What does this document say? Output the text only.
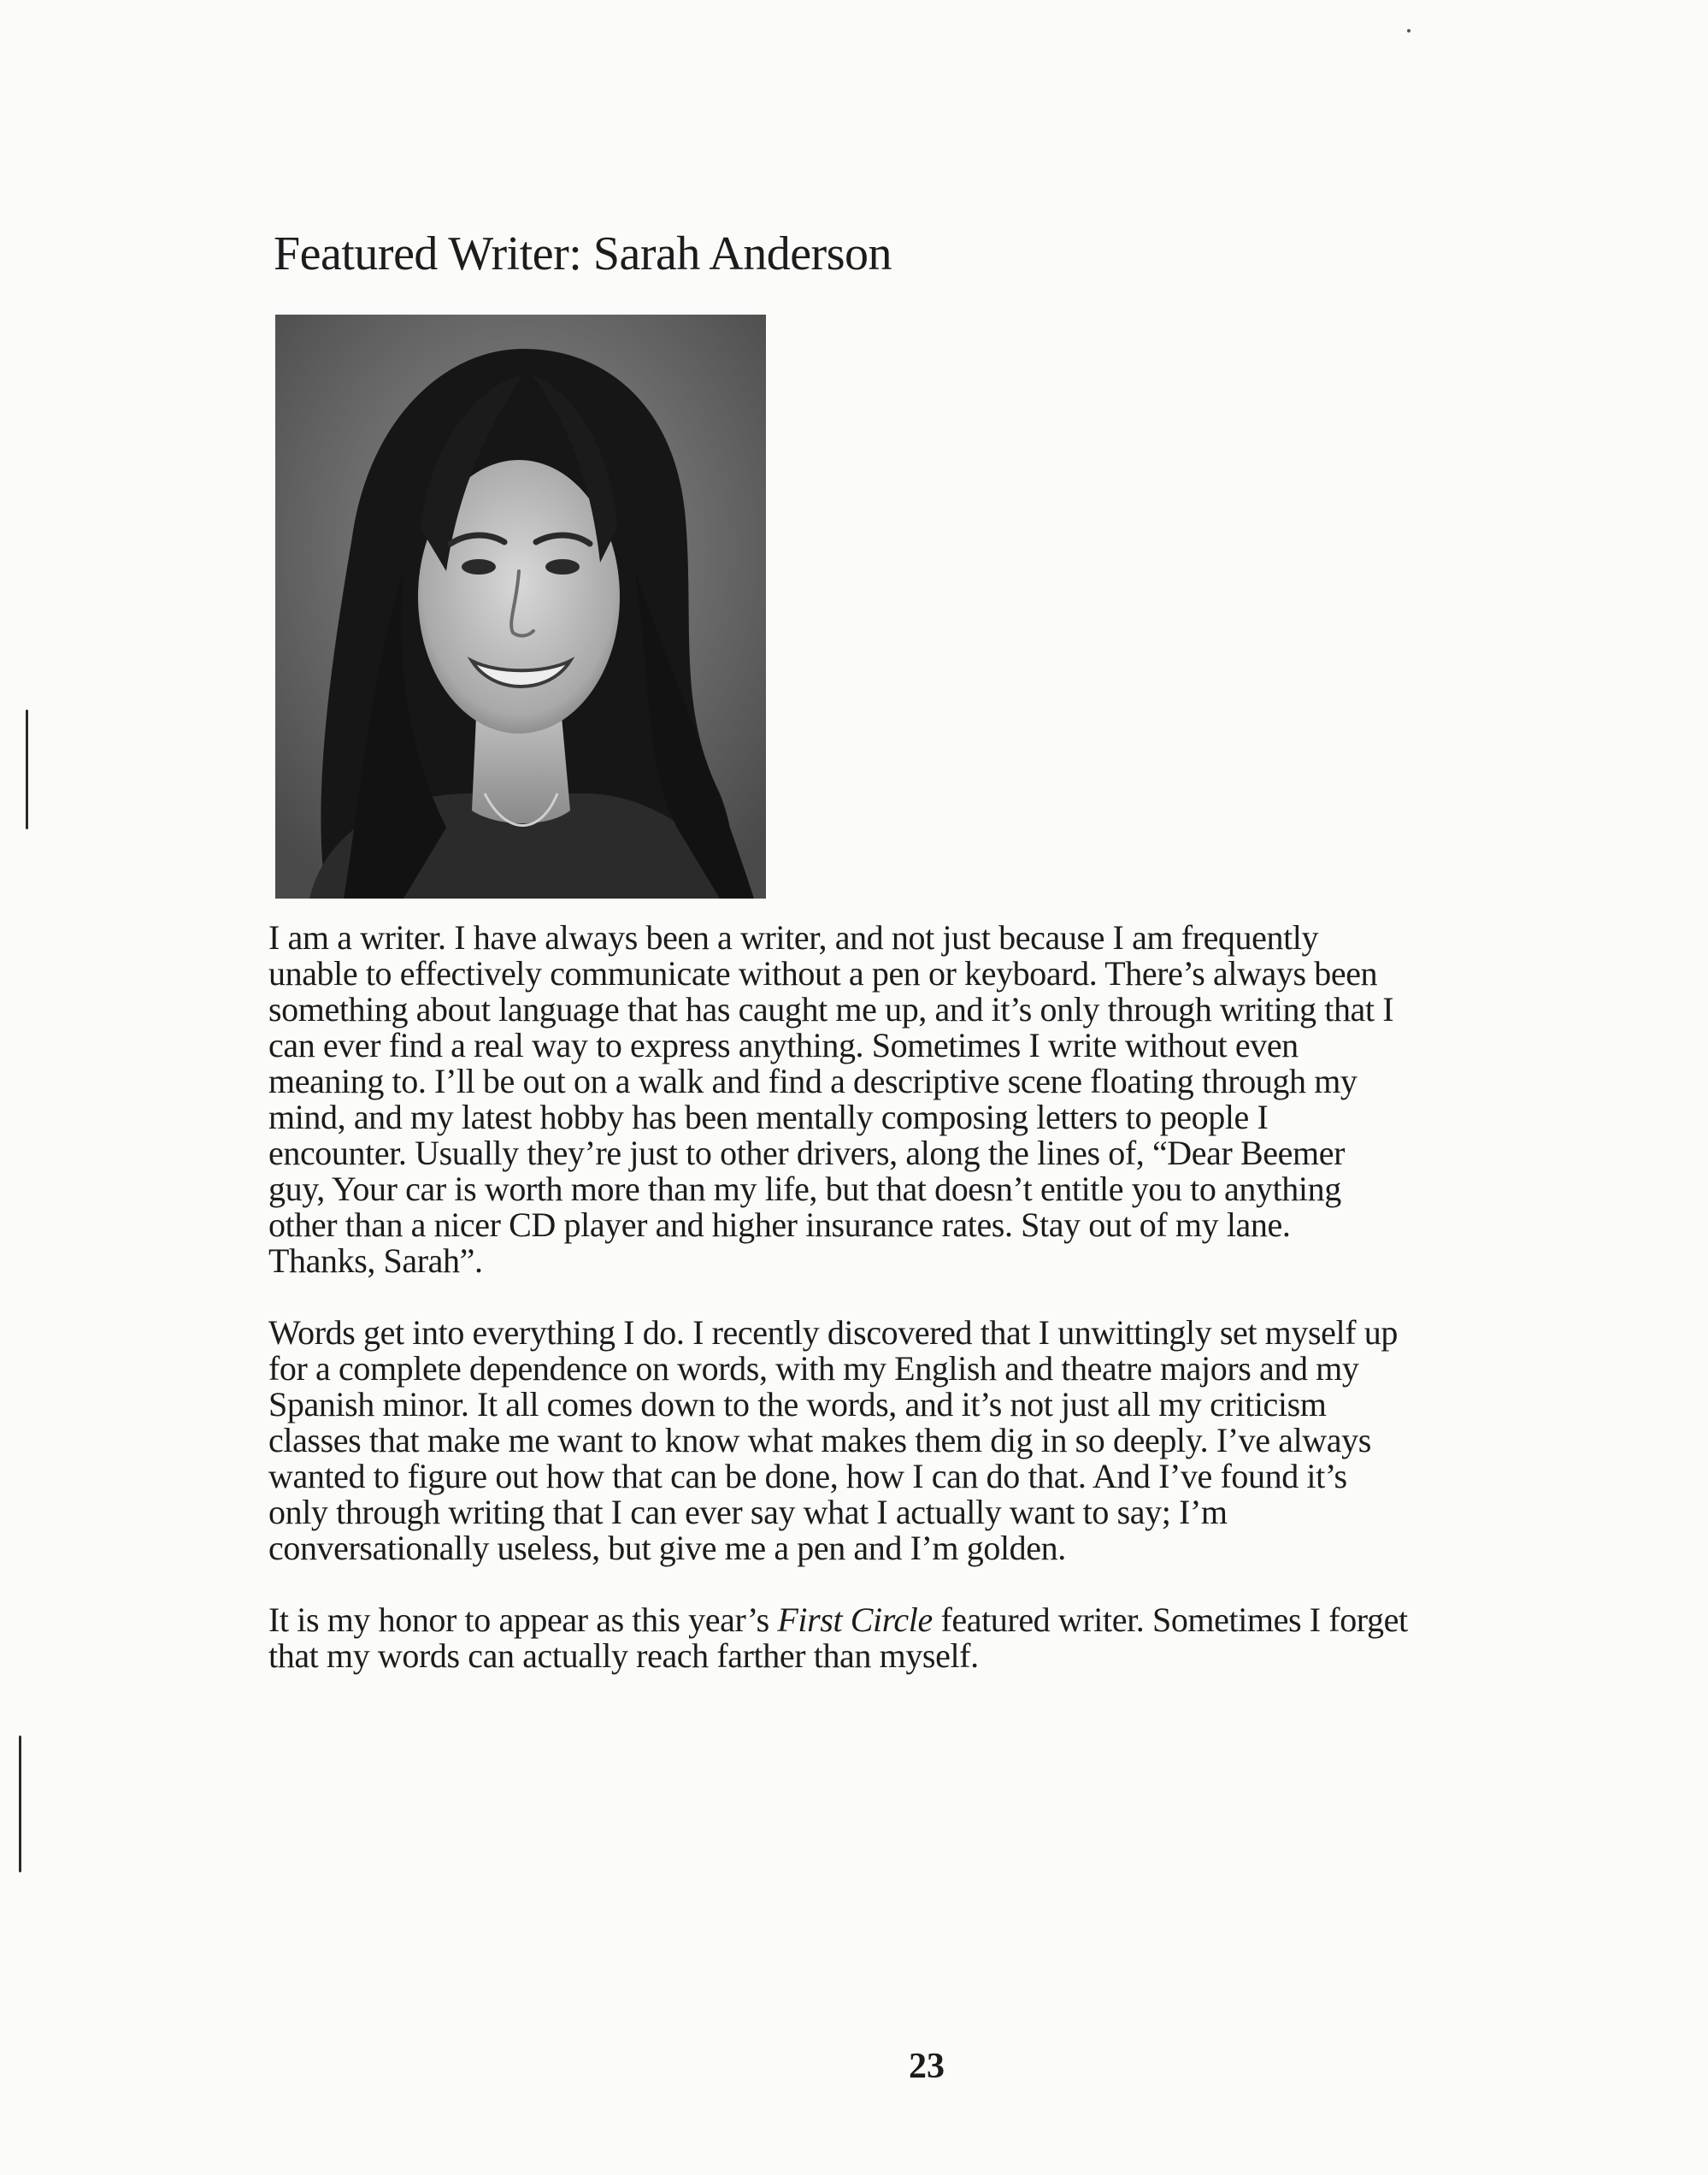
Featured Writer: Sarah Anderson

I am a writer. I have always been a writer, and not just because I am frequently
unable to effectively communicate without a pen or keyboard. There’s always been
something about language that has caught me up, and it’s only through writing that I
can ever find a real way to express anything. Sometimes I write without even
meaning to. I’ll be out on a walk and find a descriptive scene floating through my
mind, and my latest hobby has been mentally composing letters to people I
encounter. Usually they’re just to other drivers, along the lines of, “Dear Beemer
guy, Your car is worth more than my life, but that doesn’t entitle you to anything
other than a nicer CD player and higher insurance rates. Stay out of my lane.
Thanks, Sarah”.

Words get into everything I do. I recently discovered that I unwittingly set myself up
for a complete dependence on words, with my English and theatre majors and my
Spanish minor. It all comes down to the words, and it’s not just all my criticism
classes that make me want to know what makes them dig in so deeply. I’ve always
wanted to figure out how that can be done, how I can do that. And I’ve found it’s
only through writing that I can ever say what I actually want to say; I’m
conversationally useless, but give me a pen and I’m golden.

It is my honor to appear as this year’s First Circle featured writer. Sometimes I forget
that my words can actually reach farther than myself.

23
